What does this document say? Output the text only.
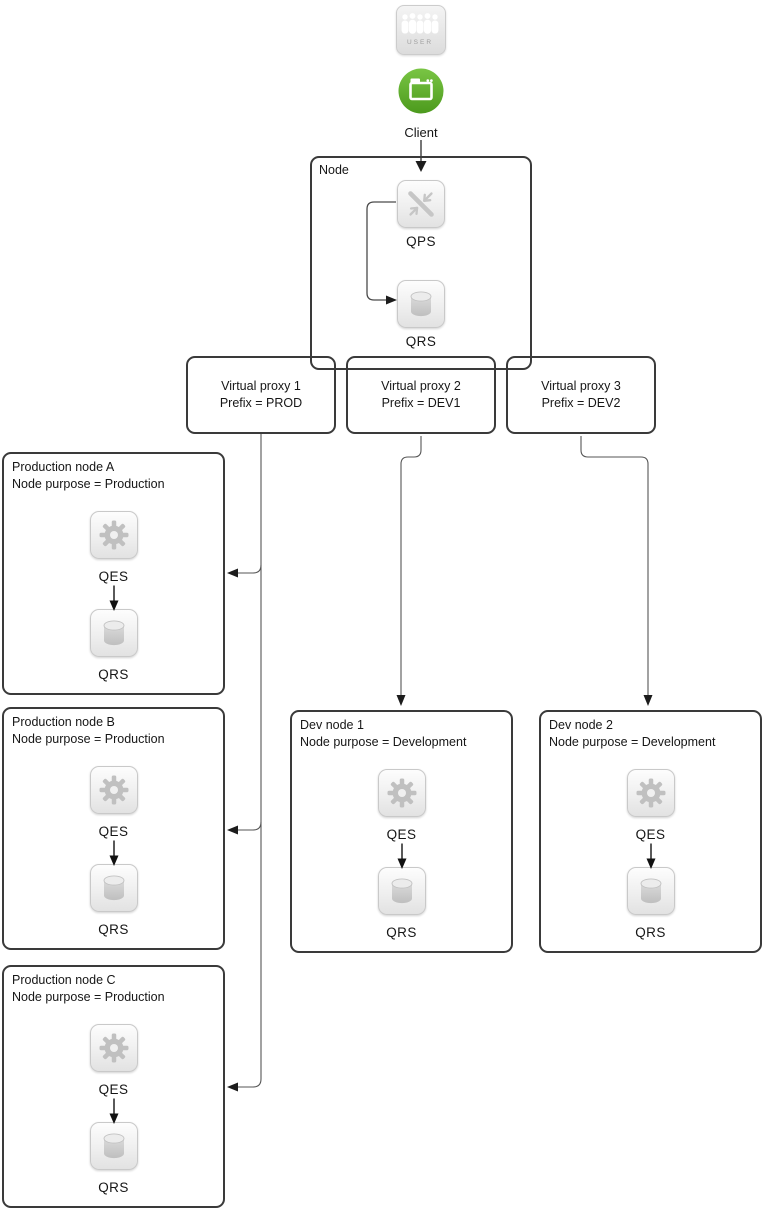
USER
Client
Node
QPS
QRS
Virtual proxy 1
Prefix = PROD
Virtual proxy 2
Prefix = DEV1
Virtual proxy 3
Prefix = DEV2
Production node A
Node purpose = Production
QES
QRS
Production node B
Node purpose = Production
QES
QRS
Production node C
Node purpose = Production
QES
QRS
Dev node 1
Node purpose = Development
QES
QRS
Dev node 2
Node purpose = Development
QES
QRS
